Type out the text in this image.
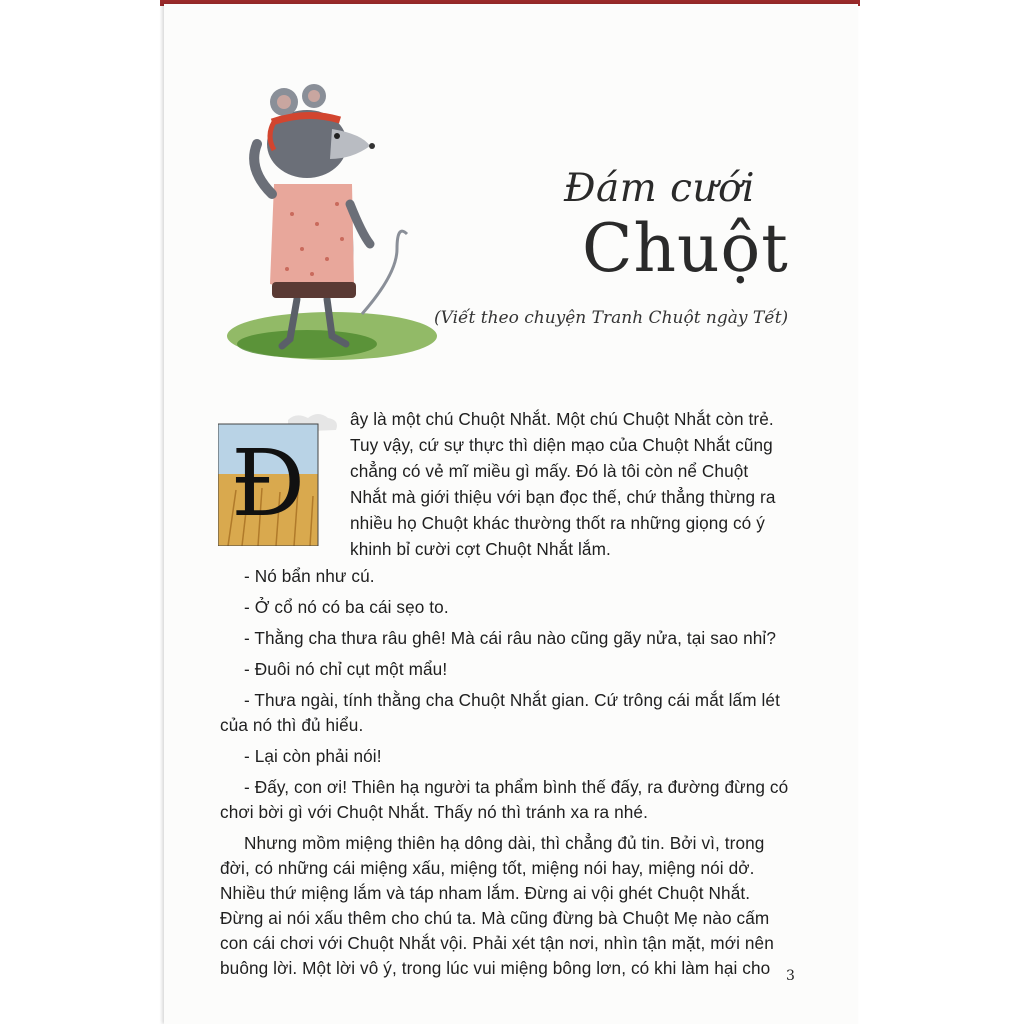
Đám cưới
Chuột
(Viết theo chuyện Tranh Chuột ngày Tết)
Đ
ây là một chú Chuột Nhắt. Một chú Chuột Nhắt còn trẻ.
Tuy vậy, cứ sự thực thì diện mạo của Chuột Nhắt cũng
chẳng có vẻ mĩ miều gì mấy. Đó là tôi còn nể Chuột
Nhắt mà giới thiệu với bạn đọc thế, chứ thẳng thừng ra
nhiều họ Chuột khác thường thốt ra những giọng có ý
khinh bỉ cười cợt Chuột Nhắt lắm.
- Nó bẩn như cú.
- Ở cổ nó có ba cái sẹo to.
- Thằng cha thưa râu ghê! Mà cái râu nào cũng gãy nửa, tại sao nhỉ?
- Đuôi nó chỉ cụt một mẩu!
- Thưa ngài, tính thằng cha Chuột Nhắt gian. Cứ trông cái mắt lấm lét
của nó thì đủ hiểu.
- Lại còn phải nói!
- Đấy, con ơi! Thiên hạ người ta phẩm bình thế đấy, ra đường đừng có
chơi bời gì với Chuột Nhắt. Thấy nó thì tránh xa ra nhé.
Nhưng mồm miệng thiên hạ dông dài, thì chẳng đủ tin. Bởi vì, trong
đời, có những cái miệng xấu, miệng tốt, miệng nói hay, miệng nói dở.
Nhiều thứ miệng lắm và táp nham lắm. Đừng ai vội ghét Chuột Nhắt.
Đừng ai nói xấu thêm cho chú ta. Mà cũng đừng bà Chuột Mẹ nào cấm
con cái chơi với Chuột Nhắt vội. Phải xét tận nơi, nhìn tận mặt, mới nên
buông lời. Một lời vô ý, trong lúc vui miệng bông lơn, có khi làm hại cho 3
